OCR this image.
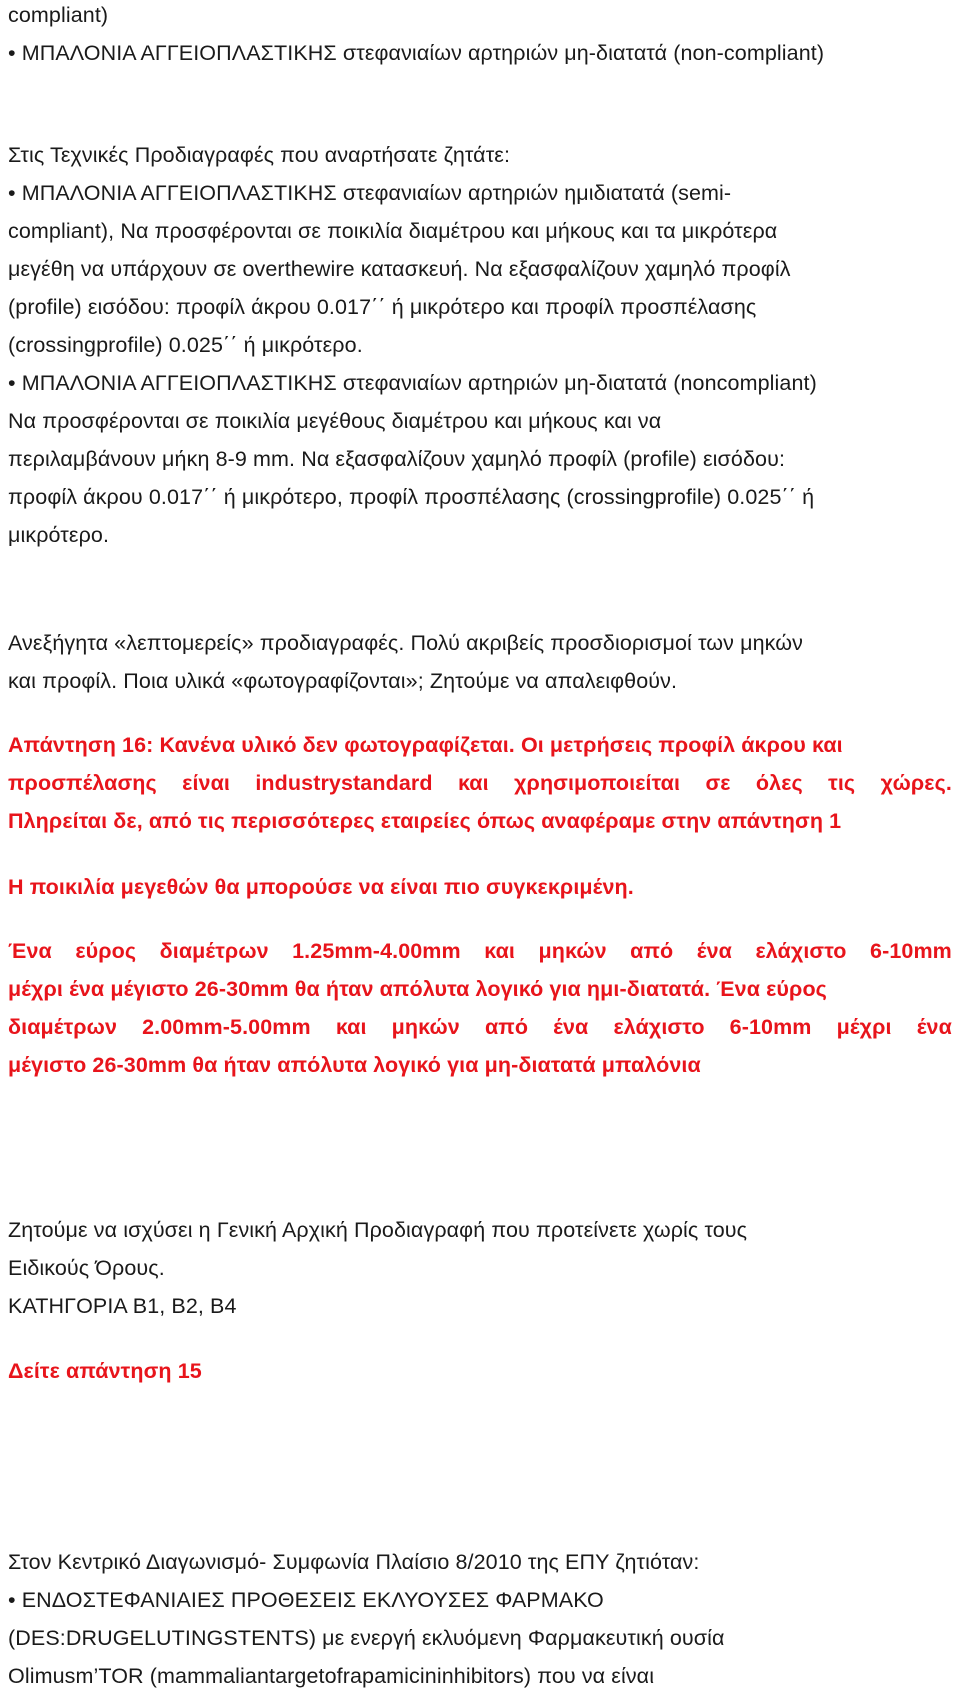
compliant)
• ΜΠΑΛΟΝΙΑ ΑΓΓΕΙΟΠΛΑΣΤΙΚΗΣ στεφανιαίων αρτηριών μη-διατατά (non-compliant)
Στις Τεχνικές Προδιαγραφές που αναρτήσατε ζητάτε:
• ΜΠΑΛΟΝΙΑ ΑΓΓΕΙΟΠΛΑΣΤΙΚΗΣ στεφανιαίων αρτηριών ημιδιατατά (semi-
compliant), Να προσφέρονται σε ποικιλία διαμέτρου και μήκους και τα μικρότερα
μεγέθη να υπάρχουν σε overthewire κατασκευή. Να εξασφαλίζουν χαμηλό προφίλ
(profile) εισόδου: προφίλ άκρου 0.017΄΄ ή μικρότερο και προφίλ προσπέλασης
(crossingprofile) 0.025΄΄ ή μικρότερο.
• ΜΠΑΛΟΝΙΑ ΑΓΓΕΙΟΠΛΑΣΤΙΚΗΣ στεφανιαίων αρτηριών μη-διατατά (noncompliant)
Να προσφέρονται σε ποικιλία μεγέθους διαμέτρου και μήκους και να
περιλαμβάνουν μήκη 8-9 mm. Να εξασφαλίζουν χαμηλό προφίλ (profile) εισόδου:
προφίλ άκρου 0.017΄΄ ή μικρότερο, προφίλ προσπέλασης (crossingprofile) 0.025΄΄ ή
μικρότερο.
Ανεξήγητα «λεπτομερείς» προδιαγραφές. Πολύ ακριβείς προσδιορισμοί των μηκών
και προφίλ. Ποια υλικά «φωτογραφίζονται»; Ζητούμε να απαλειφθούν.
Απάντηση 16: Κανένα υλικό δεν φωτογραφίζεται. Οι μετρήσεις προφίλ άκρου και
προσπέλασης είναι industrystandard και χρησιμοποιείται σε όλες τις χώρες.
Πληρείται δε, από τις περισσότερες εταιρείες όπως αναφέραμε στην απάντηση 1
Η ποικιλία μεγεθών θα μπορούσε να είναι πιο συγκεκριμένη.
Ένα εύρος διαμέτρων 1.25mm-4.00mm και μηκών από ένα ελάχιστο 6-10mm
μέχρι ένα μέγιστο 26-30mm θα ήταν απόλυτα λογικό για ημι-διατατά. Ένα εύρος
διαμέτρων 2.00mm-5.00mm και μηκών από ένα ελάχιστο 6-10mm μέχρι ένα
μέγιστο 26-30mm θα ήταν απόλυτα λογικό για μη-διατατά μπαλόνια
Ζητούμε να ισχύσει η Γενική Αρχική Προδιαγραφή που προτείνετε χωρίς τους
Ειδικούς Όρους.
ΚΑΤΗΓΟΡΙΑ Β1, Β2, Β4
Δείτε απάντηση 15
Στον Κεντρικό Διαγωνισμό- Συμφωνία Πλαίσιο 8/2010 της ΕΠΥ ζητιόταν:
• ΕΝΔΟΣΤΕΦΑΝΙΑΙΕΣ ΠΡΟΘΕΣΕΙΣ ΕΚΛΥΟΥΣΕΣ ΦΑΡΜΑΚΟ
(DES:DRUGELUTINGSTENTS) με ενεργή εκλυόμενη Φαρμακευτική ουσία
Olimusm’TOR (mammaliantargetofrapamicininhibitors) που να είναι
